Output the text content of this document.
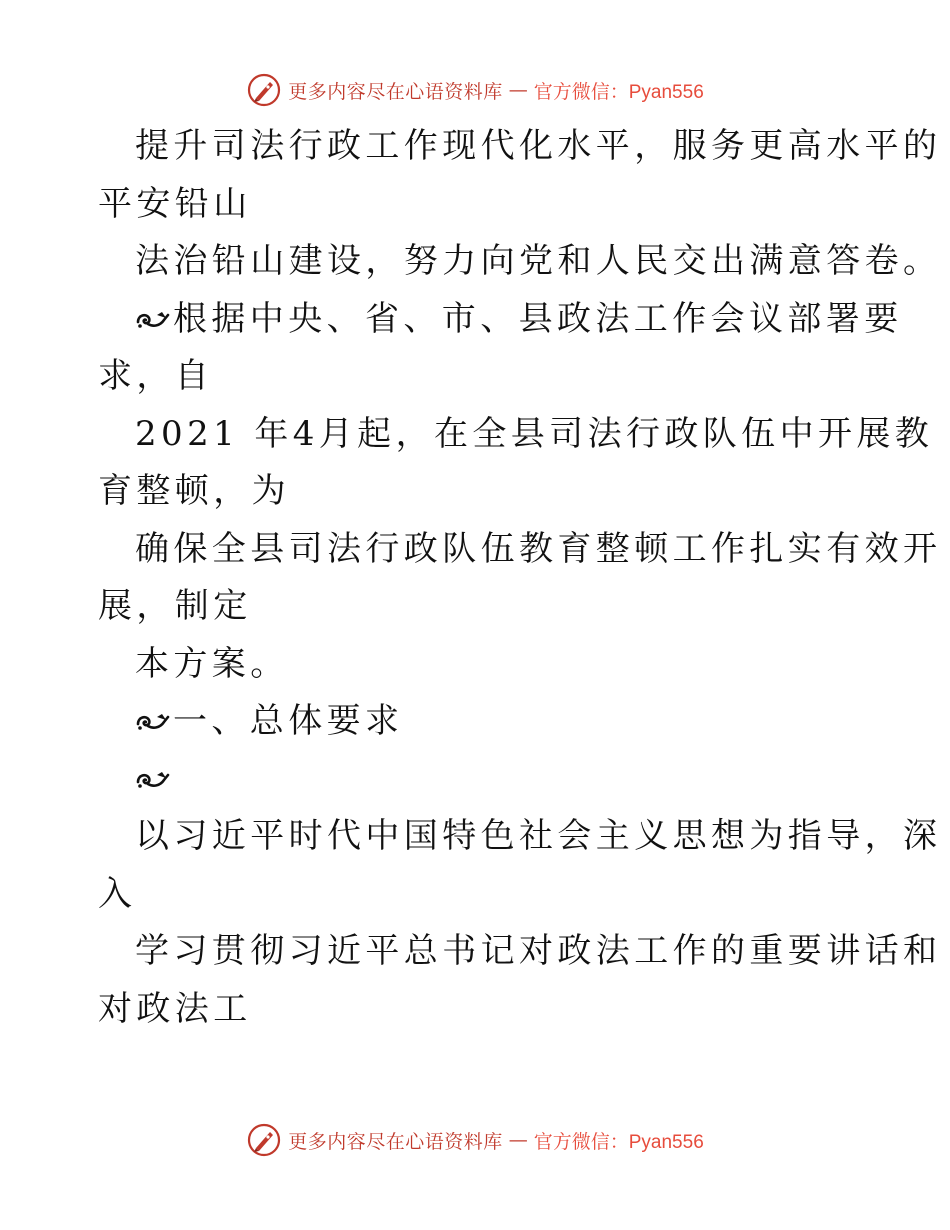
更多内容尽在心语资料库 — 官方微信：Pyan556
提升司法行政工作现代化水平，服务更高水平的
平安铅山
法治铅山建设，努力向党和人民交出满意答卷。
根据中央、省、市、县政法工作会议部署要
求，自
2021 年4月起，在全县司法行政队伍中开展教
育整顿，为
确保全县司法行政队伍教育整顿工作扎实有效开
展，制定
本方案。
一、总体要求
以习近平时代中国特色社会主义思想为指导，深
入
学习贯彻习近平总书记对政法工作的重要讲话和
对政法工
更多内容尽在心语资料库 — 官方微信：Pyan556
